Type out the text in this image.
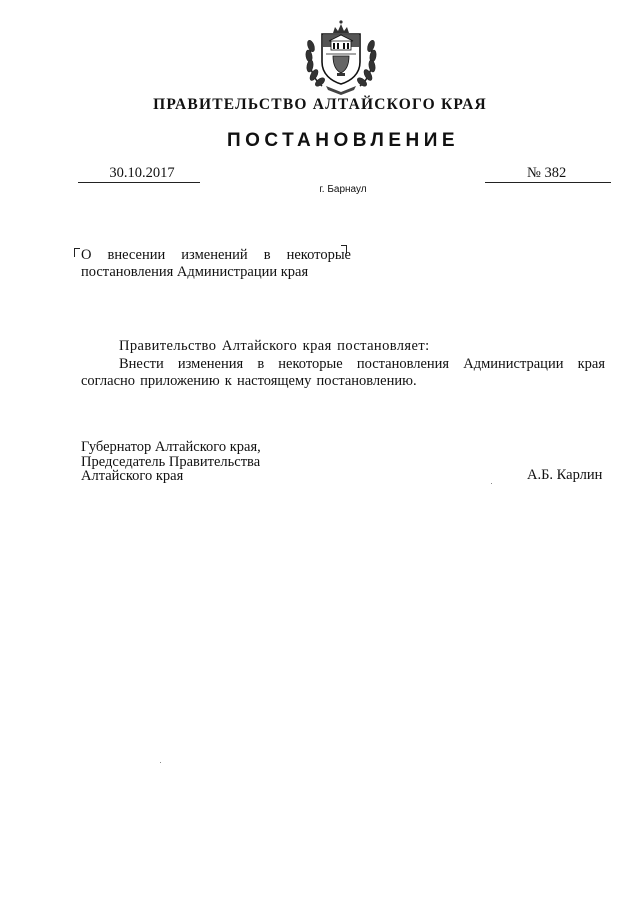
ПРАВИТЕЛЬСТВО АЛТАЙСКОГО КРАЯ
ПОСТАНОВЛЕНИЕ
30.10.2017	№ 382
г. Барнаул
О внесении изменений в некоторые постановления Администрации края
Правительство Алтайского края постановляет:
Внести изменения в некоторые постановления Администрации края согласно приложению к настоящему постановлению.
Губернатор Алтайского края,
Председатель Правительства
Алтайского края	А.Б. Карлин
